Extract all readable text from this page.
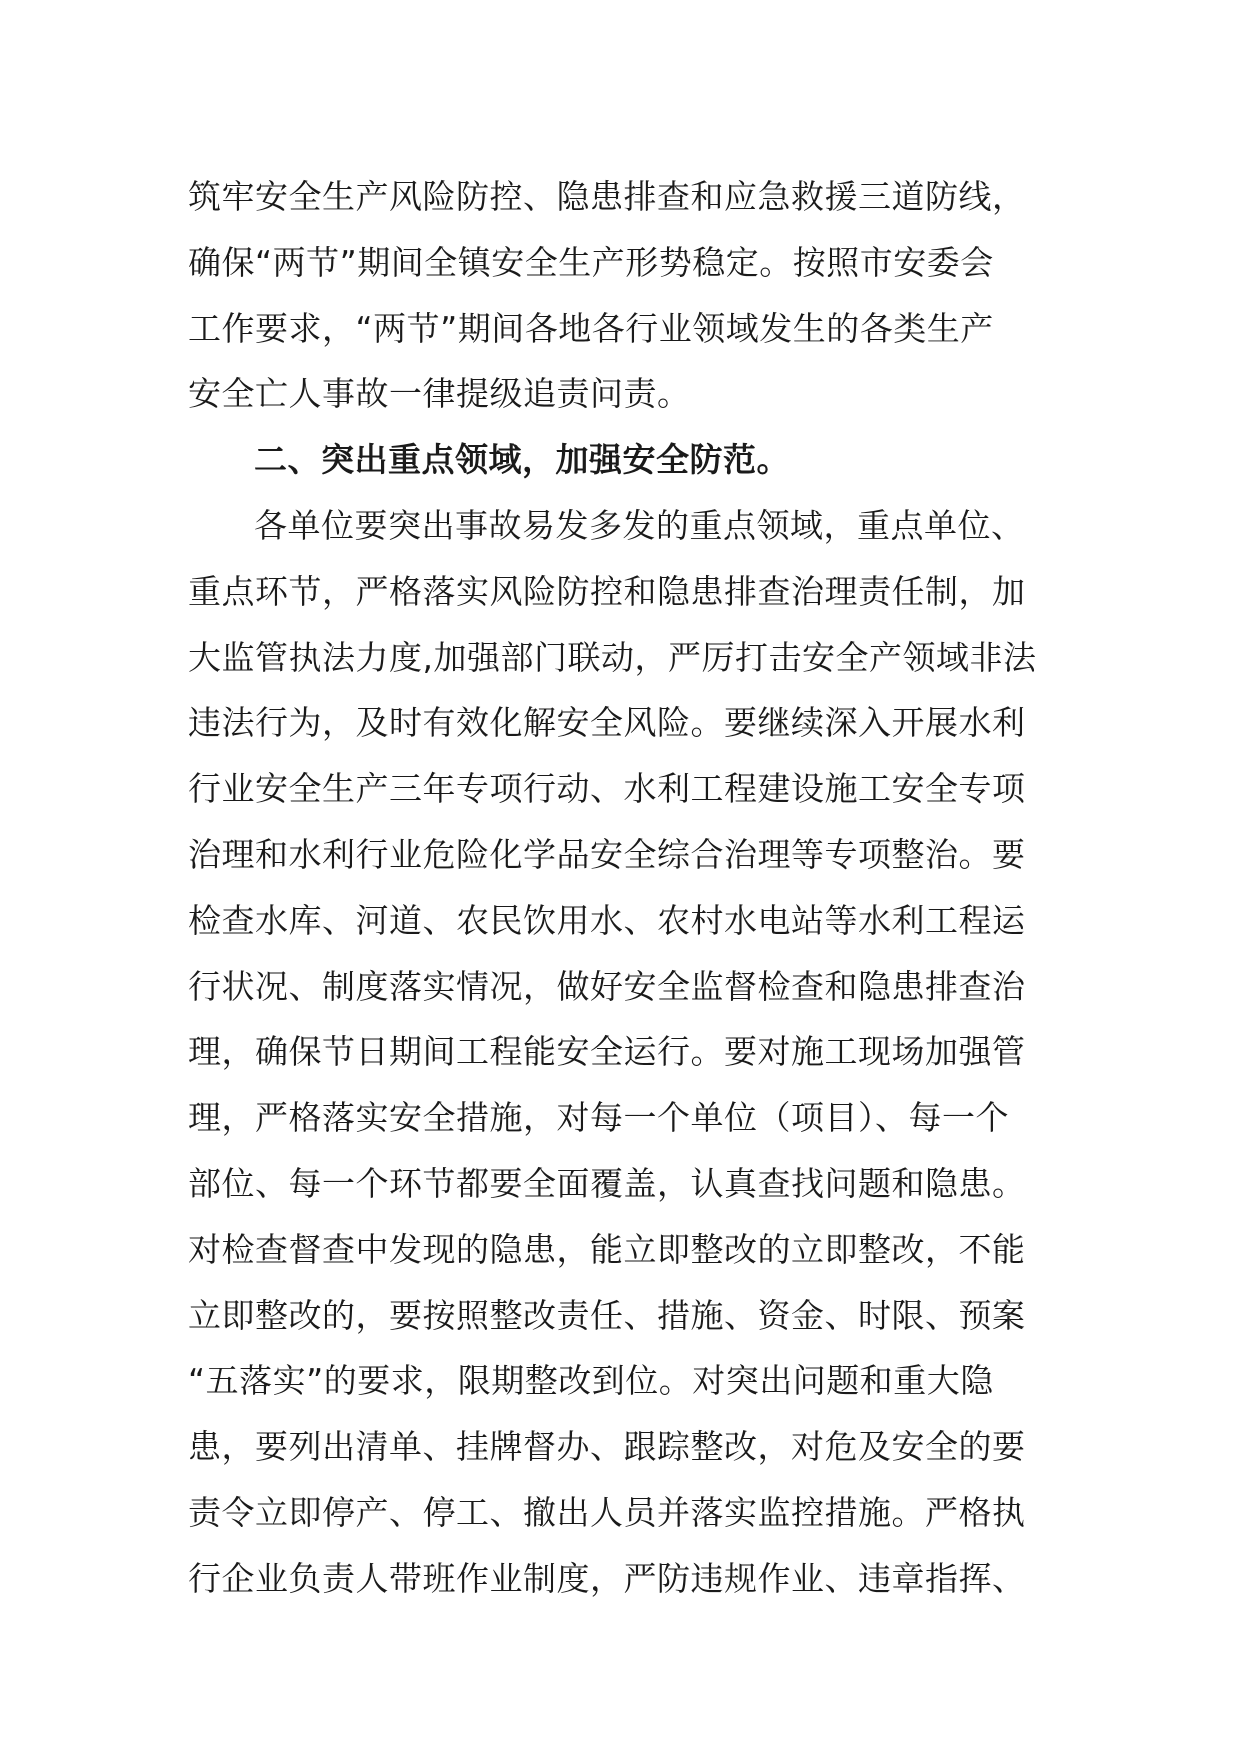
筑牢安全生产风险防控、隐患排查和应急救援三道防线，
确保“两节”期间全镇安全生产形势稳定。按照市安委会
工作要求，“两节”期间各地各行业领域发生的各类生产
安全亡人事故一律提级追责问责。
二、突出重点领域，加强安全防范。
各单位要突出事故易发多发的重点领域，重点单位、
重点环节，严格落实风险防控和隐患排查治理责任制，加
大监管执法力度,加强部门联动，严厉打击安全产领域非法
违法行为，及时有效化解安全风险。要继续深入开展水利
行业安全生产三年专项行动、水利工程建设施工安全专项
治理和水利行业危险化学品安全综合治理等专项整治。要
检查水库、河道、农民饮用水、农村水电站等水利工程运
行状况、制度落实情况，做好安全监督检查和隐患排查治
理，确保节日期间工程能安全运行。要对施工现场加强管
理，严格落实安全措施，对每一个单位（项目）、每一个
部位、每一个环节都要全面覆盖，认真查找问题和隐患。
对检查督查中发现的隐患，能立即整改的立即整改，不能
立即整改的，要按照整改责任、措施、资金、时限、预案
“五落实”的要求，限期整改到位。对突出问题和重大隐
患，要列出清单、挂牌督办、跟踪整改，对危及安全的要
责令立即停产、停工、撤出人员并落实监控措施。严格执
行企业负责人带班作业制度，严防违规作业、违章指挥、
